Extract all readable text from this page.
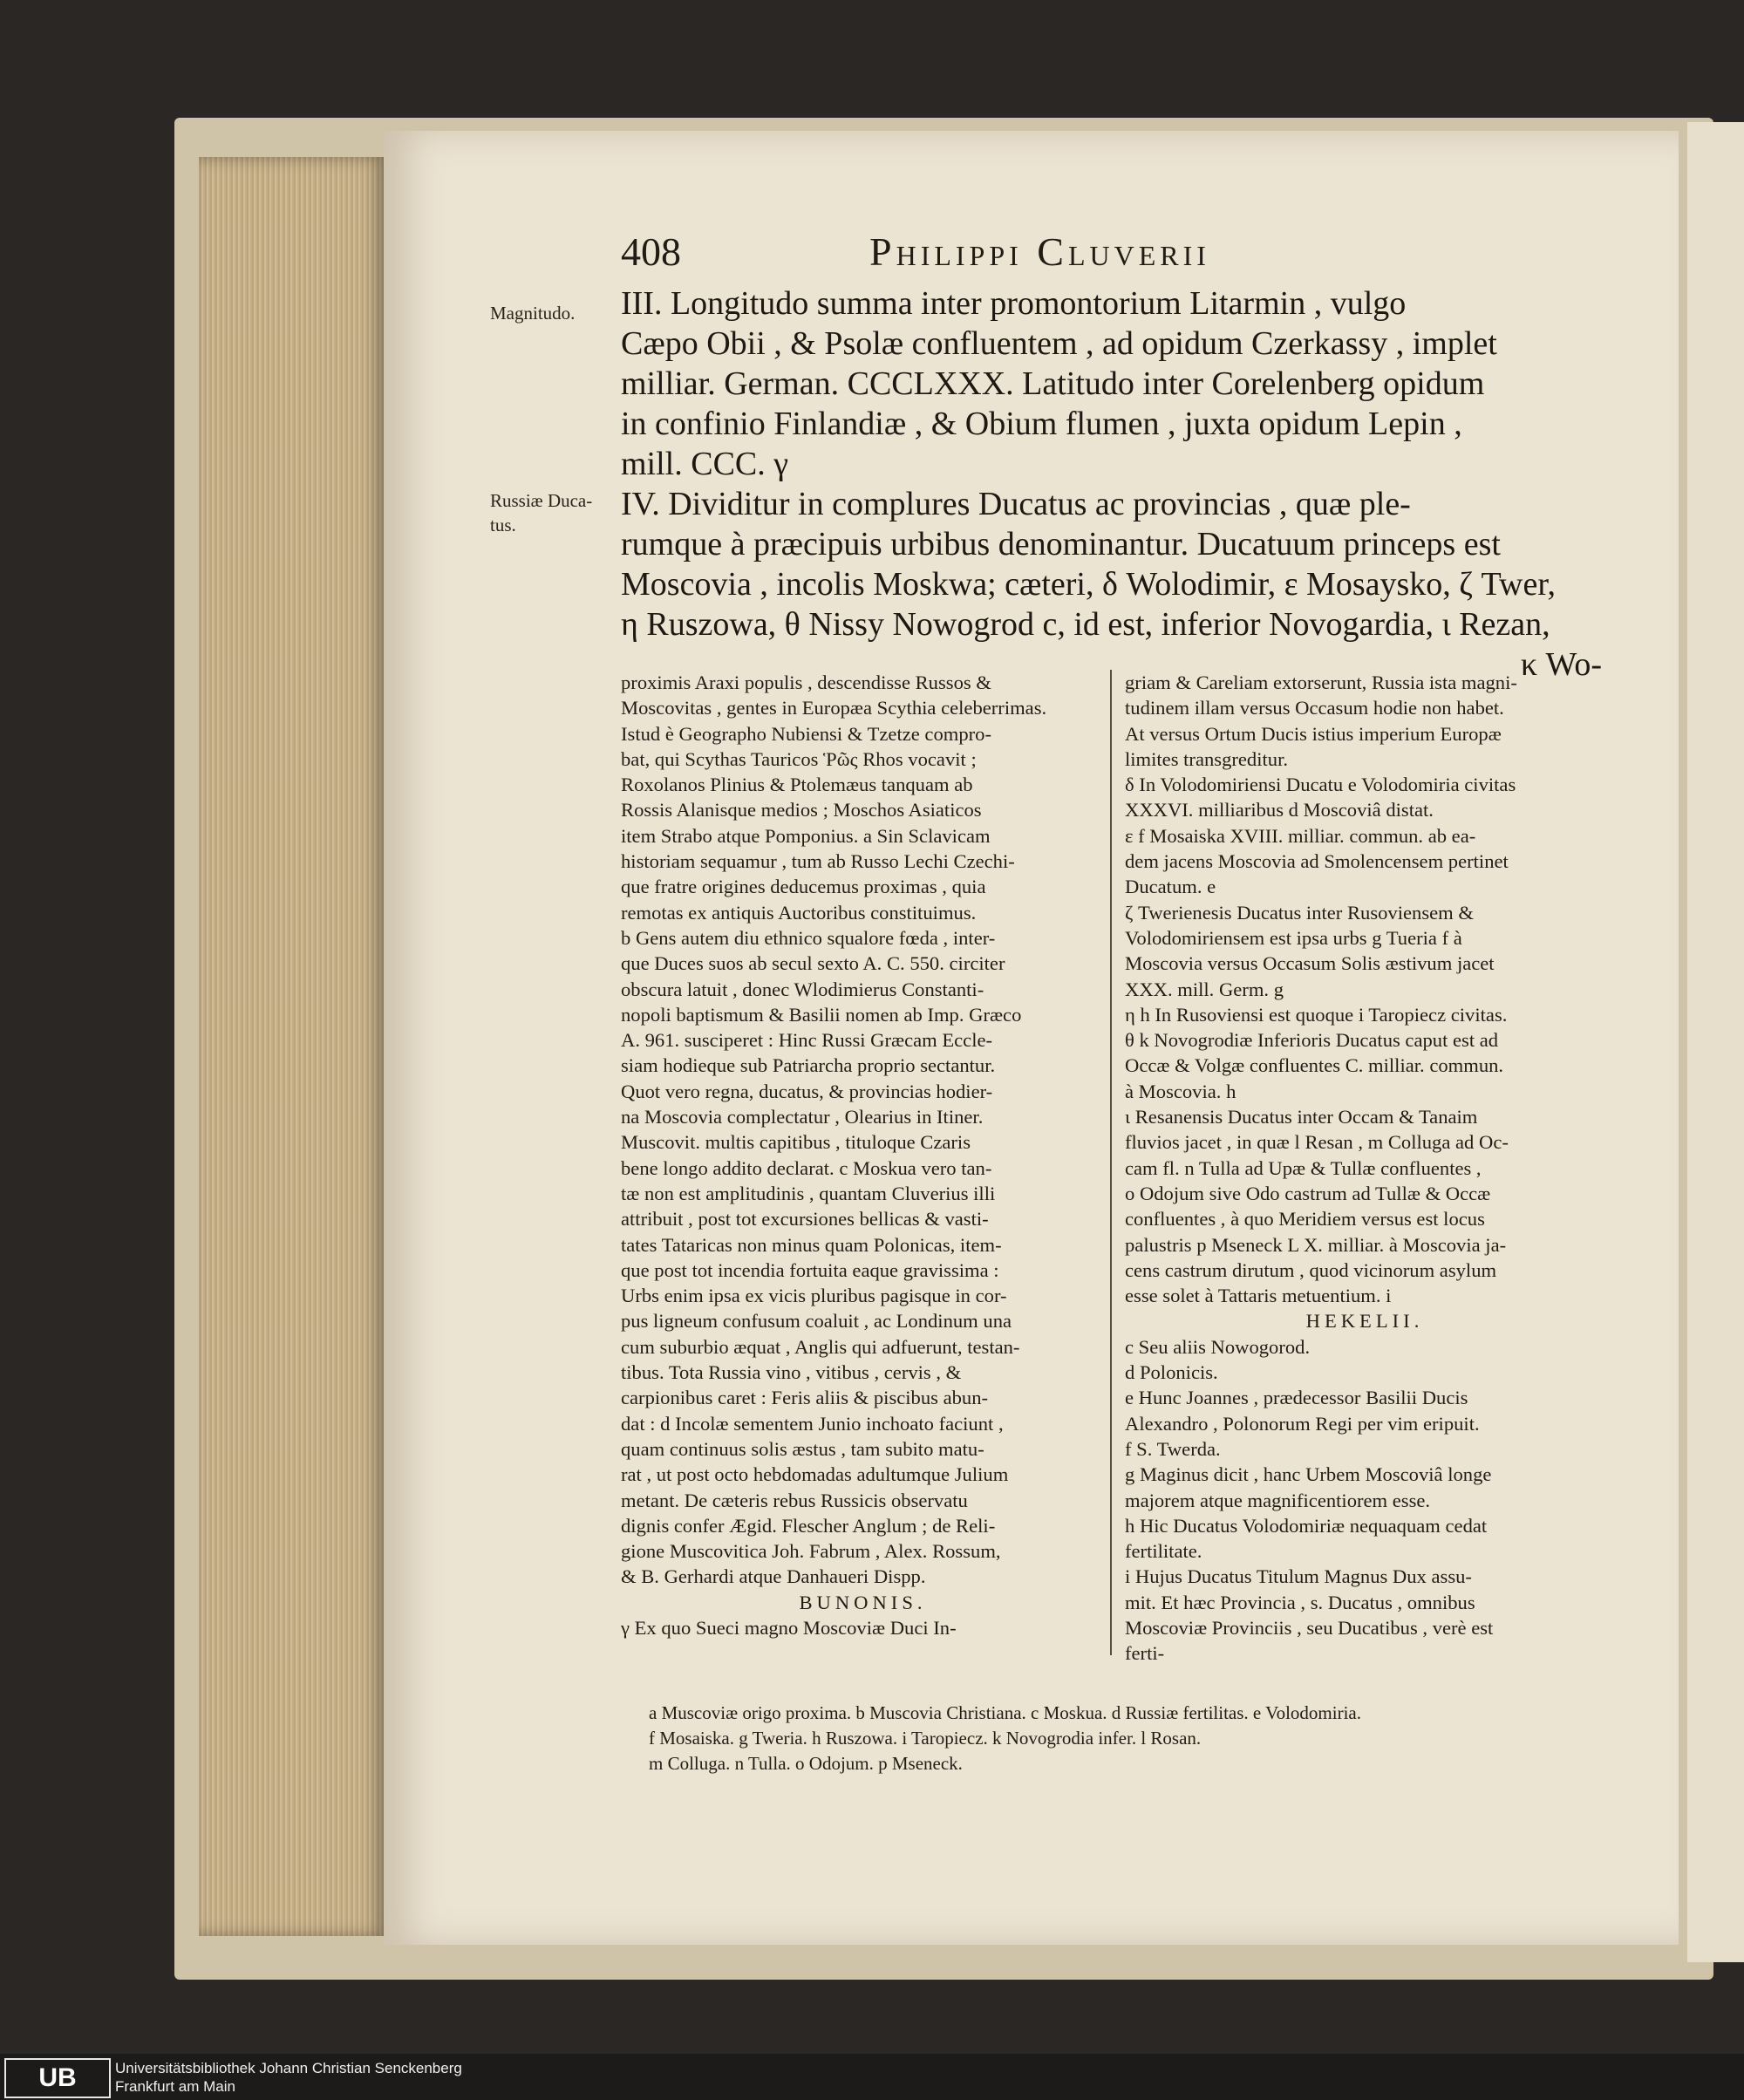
408	Philippi Cluverii
Magnitudo.
Russiæ Duca-
tus.
III. Longitudo summa inter promontorium Litarmin , vulgo
Cæpo Obii , & Psolæ confluentem , ad opidum Czerkassy , implet
milliar. German. CCCLXXX. Latitudo inter Corelenberg opidum
in confinio Finlandiæ , & Obium flumen , juxta opidum Lepin ,
mill. CCC. γ
IV. Dividitur in complures Ducatus ac provincias , quæ ple-
rumque à præcipuis urbibus denominantur. Ducatuum princeps est
Moscovia , incolis Moskwa; cæteri, δ Wolodimir, ε Mosaysko, ζ Twer,
η Ruszowa, θ Nissy Nowogrod c, id est, inferior Novogardia, ι Rezan,
κ Wo-
proximis Araxi populis , descendisse Russos &
Moscovitas , gentes in Europæa Scythia celeberrimas.
Istud è Geographo Nubiensi & Tzetze compro-
bat, qui Scythas Tauricos Ῥῶς Rhos vocavit ;
Roxolanos Plinius & Ptolemæus tanquam ab
Rossis Alanisque medios ; Moschos Asiaticos
item Strabo atque Pomponius. a Sin Sclavicam
historiam sequamur , tum ab Russo Lechi Czechi-
que fratre origines deducemus proximas , quia
remotas ex antiquis Auctoribus constituimus.
b Gens autem diu ethnico squalore fœda , inter-
que Duces suos ab secul sexto A. C. 550. circiter
obscura latuit , donec Wlodimierus Constanti-
nopoli baptismum & Basilii nomen ab Imp. Græco
A. 961. susciperet : Hinc Russi Græcam Eccle-
siam hodieque sub Patriarcha proprio sectantur.
Quot vero regna, ducatus, & provincias hodier-
na Moscovia complectatur , Olearius in Itiner.
Muscovit. multis capitibus , tituloque Czaris
bene longo addito declarat. c Moskua vero tan-
tæ non est amplitudinis , quantam Cluverius illi
attribuit , post tot excursiones bellicas & vasti-
tates Tataricas non minus quam Polonicas, item-
que post tot incendia fortuita eaque gravissima :
Urbs enim ipsa ex vicis pluribus pagisque in cor-
pus ligneum confusum coaluit , ac Londinum una
cum suburbio æquat , Anglis qui adfuerunt, testan-
tibus. Tota Russia vino , vitibus , cervis , &
carpionibus caret : Feris aliis & piscibus abun-
dat : d Incolæ sementem Junio inchoato faciunt ,
quam continuus solis æstus , tam subito matu-
rat , ut post octo hebdomadas adultumque Julium
metant. De cæteris rebus Russicis observatu
dignis confer Ægid. Flescher Anglum ; de Reli-
gione Muscovitica Joh. Fabrum , Alex. Rossum,
& B. Gerhardi atque Danhaueri Dispp.
BUNONIS.
γ Ex quo Sueci magno Moscoviæ Duci In-
griam & Careliam extorserunt, Russia ista magni-
tudinem illam versus Occasum hodie non habet.
At versus Ortum Ducis istius imperium Europæ
limites transgreditur.
δ In Volodomiriensi Ducatu e Volodomiria civitas
XXXVI. milliaribus d Moscoviâ distat.
ε f Mosaiska XVIII. milliar. commun. ab ea-
dem jacens Moscovia ad Smolencensem pertinet
Ducatum. e
ζ Twerienesis Ducatus inter Rusoviensem &
Volodomiriensem est ipsa urbs g Tueria f à
Moscovia versus Occasum Solis æstivum jacet
XXX. mill. Germ. g
η h In Rusoviensi est quoque i Taropiecz civitas.
θ k Novogrodiæ Inferioris Ducatus caput est ad
Occæ & Volgæ confluentes C. milliar. commun.
à Moscovia. h
ι Resanensis Ducatus inter Occam & Tanaim
fluvios jacet , in quæ l Resan , m Colluga ad Oc-
cam fl. n Tulla ad Upæ & Tullæ confluentes ,
o Odojum sive Odo castrum ad Tullæ & Occæ
confluentes , à quo Meridiem versus est locus
palustris p Mseneck L X. milliar. à Moscovia ja-
cens castrum dirutum , quod vicinorum asylum
esse solet à Tattaris metuentium. i
HEKELII.
c Seu aliis Nowogorod.
d Polonicis.
e Hunc Joannes , prædecessor Basilii Ducis
Alexandro , Polonorum Regi per vim eripuit.
f S. Twerda.
g Maginus dicit , hanc Urbem Moscoviâ longe
majorem atque magnificentiorem esse.
h Hic Ducatus Volodomiriæ nequaquam cedat
fertilitate.
i Hujus Ducatus Titulum Magnus Dux assu-
mit. Et hæc Provincia , s. Ducatus , omnibus
Moscoviæ Provinciis , seu Ducatibus , verè est
ferti-
a Muscoviæ origo proxima. b Muscovia Christiana. c Moskua. d Russiæ fertilitas. e Volodomiria.
f Mosaiska. g Tweria. h Ruszowa. i Taropiecz. k Novogrodia infer. l Rosan.
m Colluga. n Tulla. o Odojum. p Mseneck.
UB	Universitätsbibliothek Johann Christian Senckenberg
Frankfurt am Main
